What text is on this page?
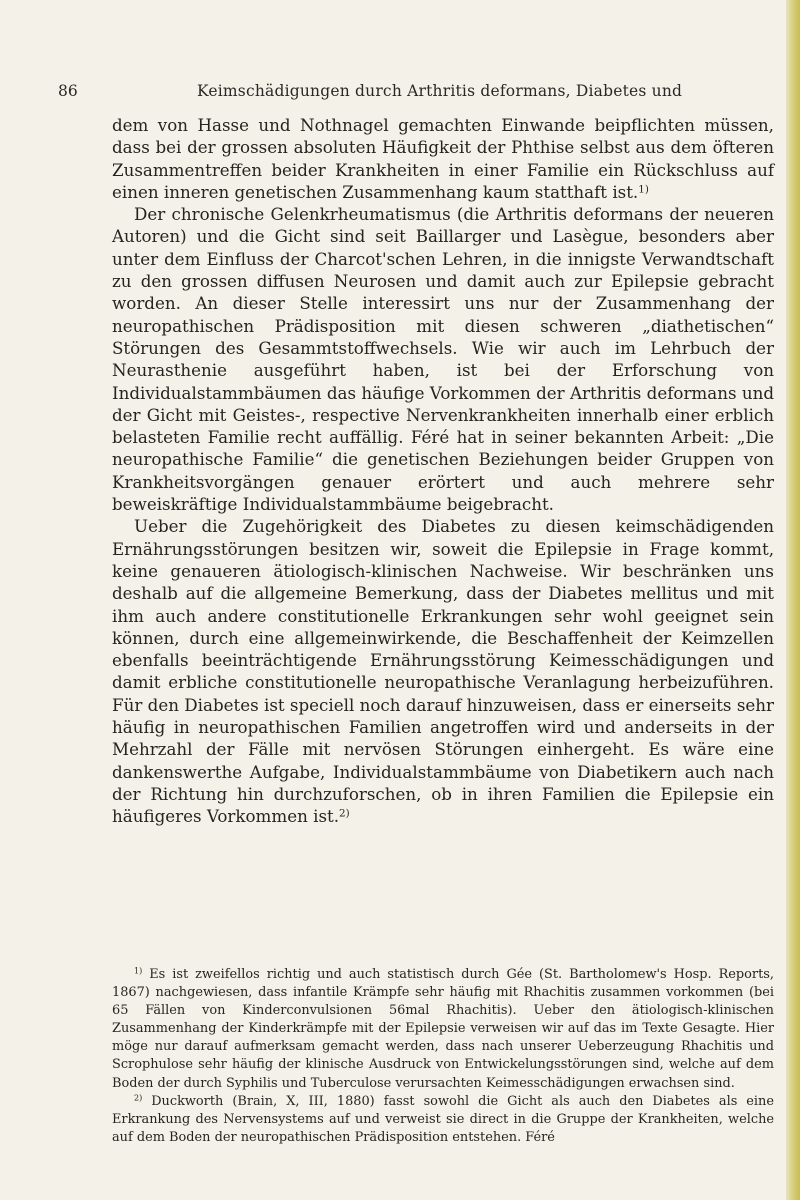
86	Keimschädigungen durch Arthritis deformans, Diabetes und

dem von Hasse und Nothnagel gemachten Einwande beipflichten müssen, dass bei der grossen absoluten Häufigkeit der Phthise selbst aus dem öfteren Zusammentreffen beider Krankheiten in einer Familie ein Rückschluss auf einen inneren genetischen Zusammenhang kaum statthaft ist.$^{1)}$

Der chronische Gelenkrheumatismus (die Arthritis deformans der neueren Autoren) und die Gicht sind seit Baillarger und Lasègue, besonders aber unter dem Einfluss der Charcot'schen Lehren, in die innigste Verwandtschaft zu den grossen diffusen Neurosen und damit auch zur Epilepsie gebracht worden. An dieser Stelle interessirt uns nur der Zusammenhang der neuropathischen Prädisposition mit diesen schweren „diathetischen“ Störungen des Gesammtstoffwechsels. Wie wir auch im Lehrbuch der Neurasthenie ausgeführt haben, ist bei der Erforschung von Individualstammbäumen das häufige Vorkommen der Arthritis deformans und der Gicht mit Geistes-, respective Nervenkrankheiten innerhalb einer erblich belasteten Familie recht auffällig. Féré hat in seiner bekannten Arbeit: „Die neuropathische Familie“ die genetischen Beziehungen beider Gruppen von Krankheitsvorgängen genauer erörtert und auch mehrere sehr beweiskräftige Individualstammbäume beigebracht.

Ueber die Zugehörigkeit des Diabetes zu diesen keimschädigenden Ernährungsstörungen besitzen wir, soweit die Epilepsie in Frage kommt, keine genaueren ätiologisch-klinischen Nachweise. Wir beschränken uns deshalb auf die allgemeine Bemerkung, dass der Diabetes mellitus und mit ihm auch andere constitutionelle Erkrankungen sehr wohl geeignet sein können, durch eine allgemeinwirkende, die Beschaffenheit der Keimzellen ebenfalls beeinträchtigende Ernährungsstörung Keimesschädigungen und damit erbliche constitutionelle neuropathische Veranlagung herbeizuführen. Für den Diabetes ist speciell noch darauf hinzuweisen, dass er einerseits sehr häufig in neuropathischen Familien angetroffen wird und anderseits in der Mehrzahl der Fälle mit nervösen Störungen einhergeht. Es wäre eine dankenswerthe Aufgabe, Individualstammbäume von Diabetikern auch nach der Richtung hin durchzuforschen, ob in ihren Familien die Epilepsie ein häufigeres Vorkommen ist.$^{2)}$

$^{1)}$ Es ist zweifellos richtig und auch statistisch durch Gée (St. Bartholomew's Hosp. Reports, 1867) nachgewiesen, dass infantile Krämpfe sehr häufig mit Rhachitis zusammen vorkommen (bei 65 Fällen von Kinderconvulsionen 56mal Rhachitis). Ueber den ätiologisch-klinischen Zusammenhang der Kinderkrämpfe mit der Epilepsie verweisen wir auf das im Texte Gesagte. Hier möge nur darauf aufmerksam gemacht werden, dass nach unserer Ueberzeugung Rhachitis und Scrophulose sehr häufig der klinische Ausdruck von Entwickelungsstörungen sind, welche auf dem Boden der durch Syphilis und Tuberculose verursachten Keimesschädigungen erwachsen sind.

$^{2)}$ Duckworth (Brain, X, III, 1880) fasst sowohl die Gicht als auch den Diabetes als eine Erkrankung des Nervensystems auf und verweist sie direct in die Gruppe der Krankheiten, welche auf dem Boden der neuropathischen Prädisposition entstehen. Féré
